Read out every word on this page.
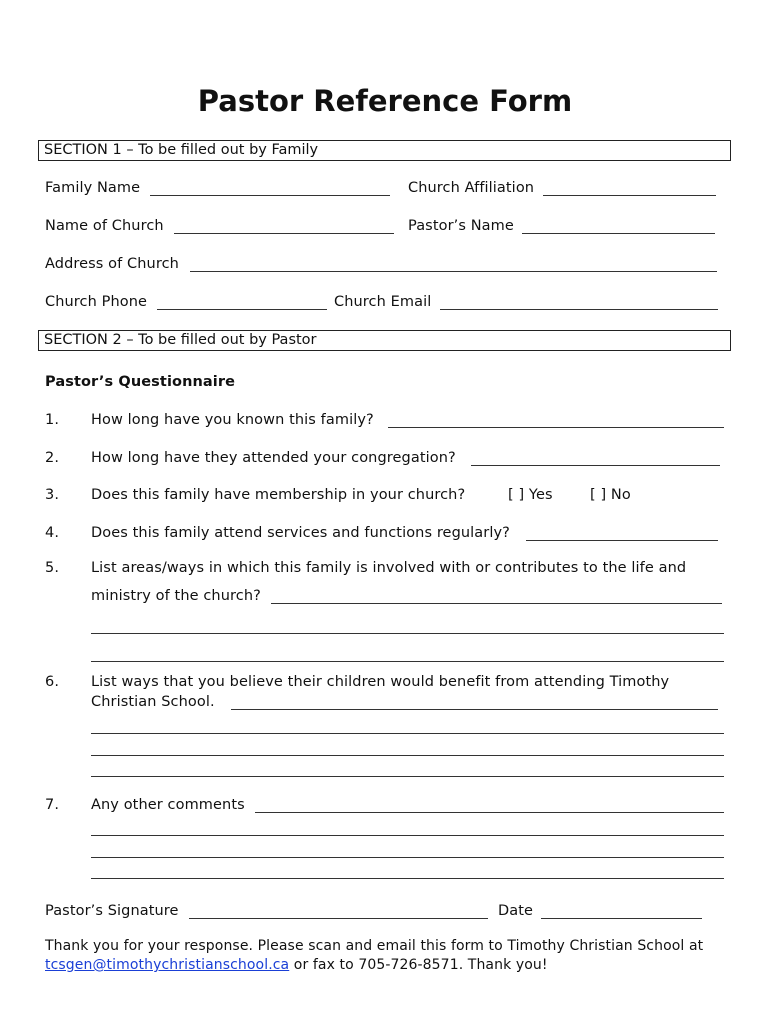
Pastor Reference Form
SECTION 1 – To be filled out by Family
Family Name	Church Affiliation
Name of Church	Pastor’s Name
Address of Church
Church Phone	Church Email
SECTION 2 – To be filled out by Pastor
Pastor’s Questionnaire
1. How long have you known this family?
2. How long have they attended your congregation?
3. Does this family have membership in your church?	[ ] Yes	[ ] No
4. Does this family attend services and functions regularly?
5. List areas/ways in which this family is involved with or contributes to the life and
ministry of the church?
6. List ways that you believe their children would benefit from attending Timothy
Christian School.
7. Any other comments
Pastor’s Signature	Date
Thank you for your response. Please scan and email this form to Timothy Christian School at
tcsgen@timothychristianschool.ca or fax to 705-726-8571. Thank you!
